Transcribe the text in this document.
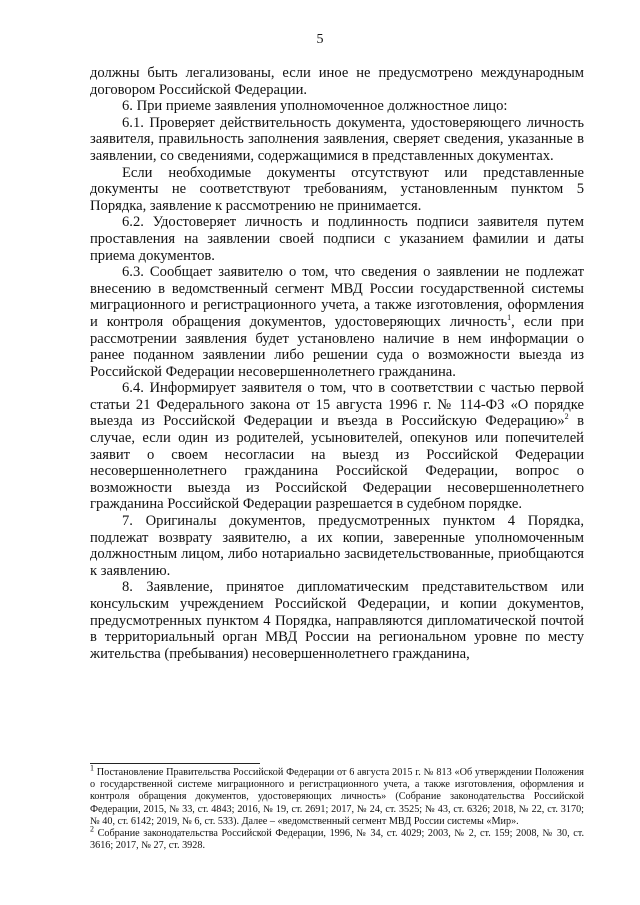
5

должны быть легализованы, если иное не предусмотрено международным договором Российской Федерации.

6. При приеме заявления уполномоченное должностное лицо:

6.1. Проверяет действительность документа, удостоверяющего личность заявителя, правильность заполнения заявления, сверяет сведения, указанные в заявлении, со сведениями, содержащимися в представленных документах.

Если необходимые документы отсутствуют или представленные документы не соответствуют требованиям, установленным пунктом 5 Порядка, заявление к рассмотрению не принимается.

6.2. Удостоверяет личность и подлинность подписи заявителя путем проставления на заявлении своей подписи с указанием фамилии и даты приема документов.

6.3. Сообщает заявителю о том, что сведения о заявлении не подлежат внесению в ведомственный сегмент МВД России государственной системы миграционного и регистрационного учета, а также изготовления, оформления и контроля обращения документов, удостоверяющих личность$^1$, если при рассмотрении заявления будет установлено наличие в нем информации о ранее поданном заявлении либо решении суда о возможности выезда из Российской Федерации несовершеннолетнего гражданина.

6.4. Информирует заявителя о том, что в соответствии с частью первой статьи 21 Федерального закона от 15 августа 1996 г. № 114-ФЗ «О порядке выезда из Российской Федерации и въезда в Российскую Федерацию»$^2$ в случае, если один из родителей, усыновителей, опекунов или попечителей заявит о своем несогласии на выезд из Российской Федерации несовершеннолетнего гражданина Российской Федерации, вопрос о возможности выезда из Российской Федерации несовершеннолетнего гражданина Российской Федерации разрешается в судебном порядке.

7. Оригиналы документов, предусмотренных пунктом 4 Порядка, подлежат возврату заявителю, а их копии, заверенные уполномоченным должностным лицом, либо нотариально засвидетельствованные, приобщаются к заявлению.

8. Заявление, принятое дипломатическим представительством или консульским учреждением Российской Федерации, и копии документов, предусмотренных пунктом 4 Порядка, направляются дипломатической почтой в территориальный орган МВД России на региональном уровне по месту жительства (пребывания) несовершеннолетнего гражданина,

$^1$ Постановление Правительства Российской Федерации от 6 августа 2015 г. № 813 «Об утверждении Положения о государственной системе миграционного и регистрационного учета, а также изготовления, оформления и контроля обращения документов, удостоверяющих личность» (Собрание законодательства Российской Федерации, 2015, № 33, ст. 4843; 2016, № 19, ст. 2691; 2017, № 24, ст. 3525; № 43, ст. 6326; 2018, № 22, ст. 3170; № 40, ст. 6142; 2019, № 6, ст. 533). Далее – «ведомственный сегмент МВД России системы «Мир».

$^2$ Собрание законодательства Российской Федерации, 1996, № 34, ст. 4029; 2003, № 2, ст. 159; 2008, № 30, ст. 3616; 2017, № 27, ст. 3928.
